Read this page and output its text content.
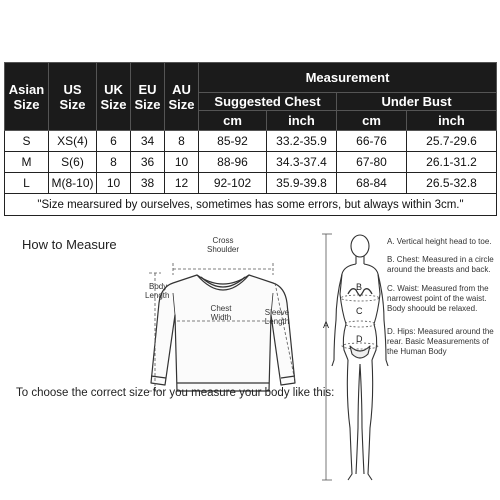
Asian
Size	US
Size	UK
Size	EU
Size	AU
Size	Measurement			
					Suggested Chest		Under Bust	
					cm	inch	cm	inch
S	XS(4)	6	34	8	85-92	33.2-35.9	66-76	25.7-29.6
M	S(6)	8	36	10	88-96	34.3-37.4	67-80	26.1-31.2
L	M(8-10)	10	38	12	92-102	35.9-39.8	68-84	26.5-32.8
"Size mearsured by ourselves, sometimes has some errors, but always within 3cm."								
How to Measure	Cross
Shoulder
Body
Length
Chest
Width
Sleeve
Length	A
B
C
D
A. Vertical height head to toe.
B. Chest: Measured in a circle around the breasts and back.
C. Waist: Measured from the narrowest point of the waist. Body shoould be relaxed.
D. Hips: Measured around the rear. Basic Measurements of the Human Body
To choose the correct size for you measure your body like this:
